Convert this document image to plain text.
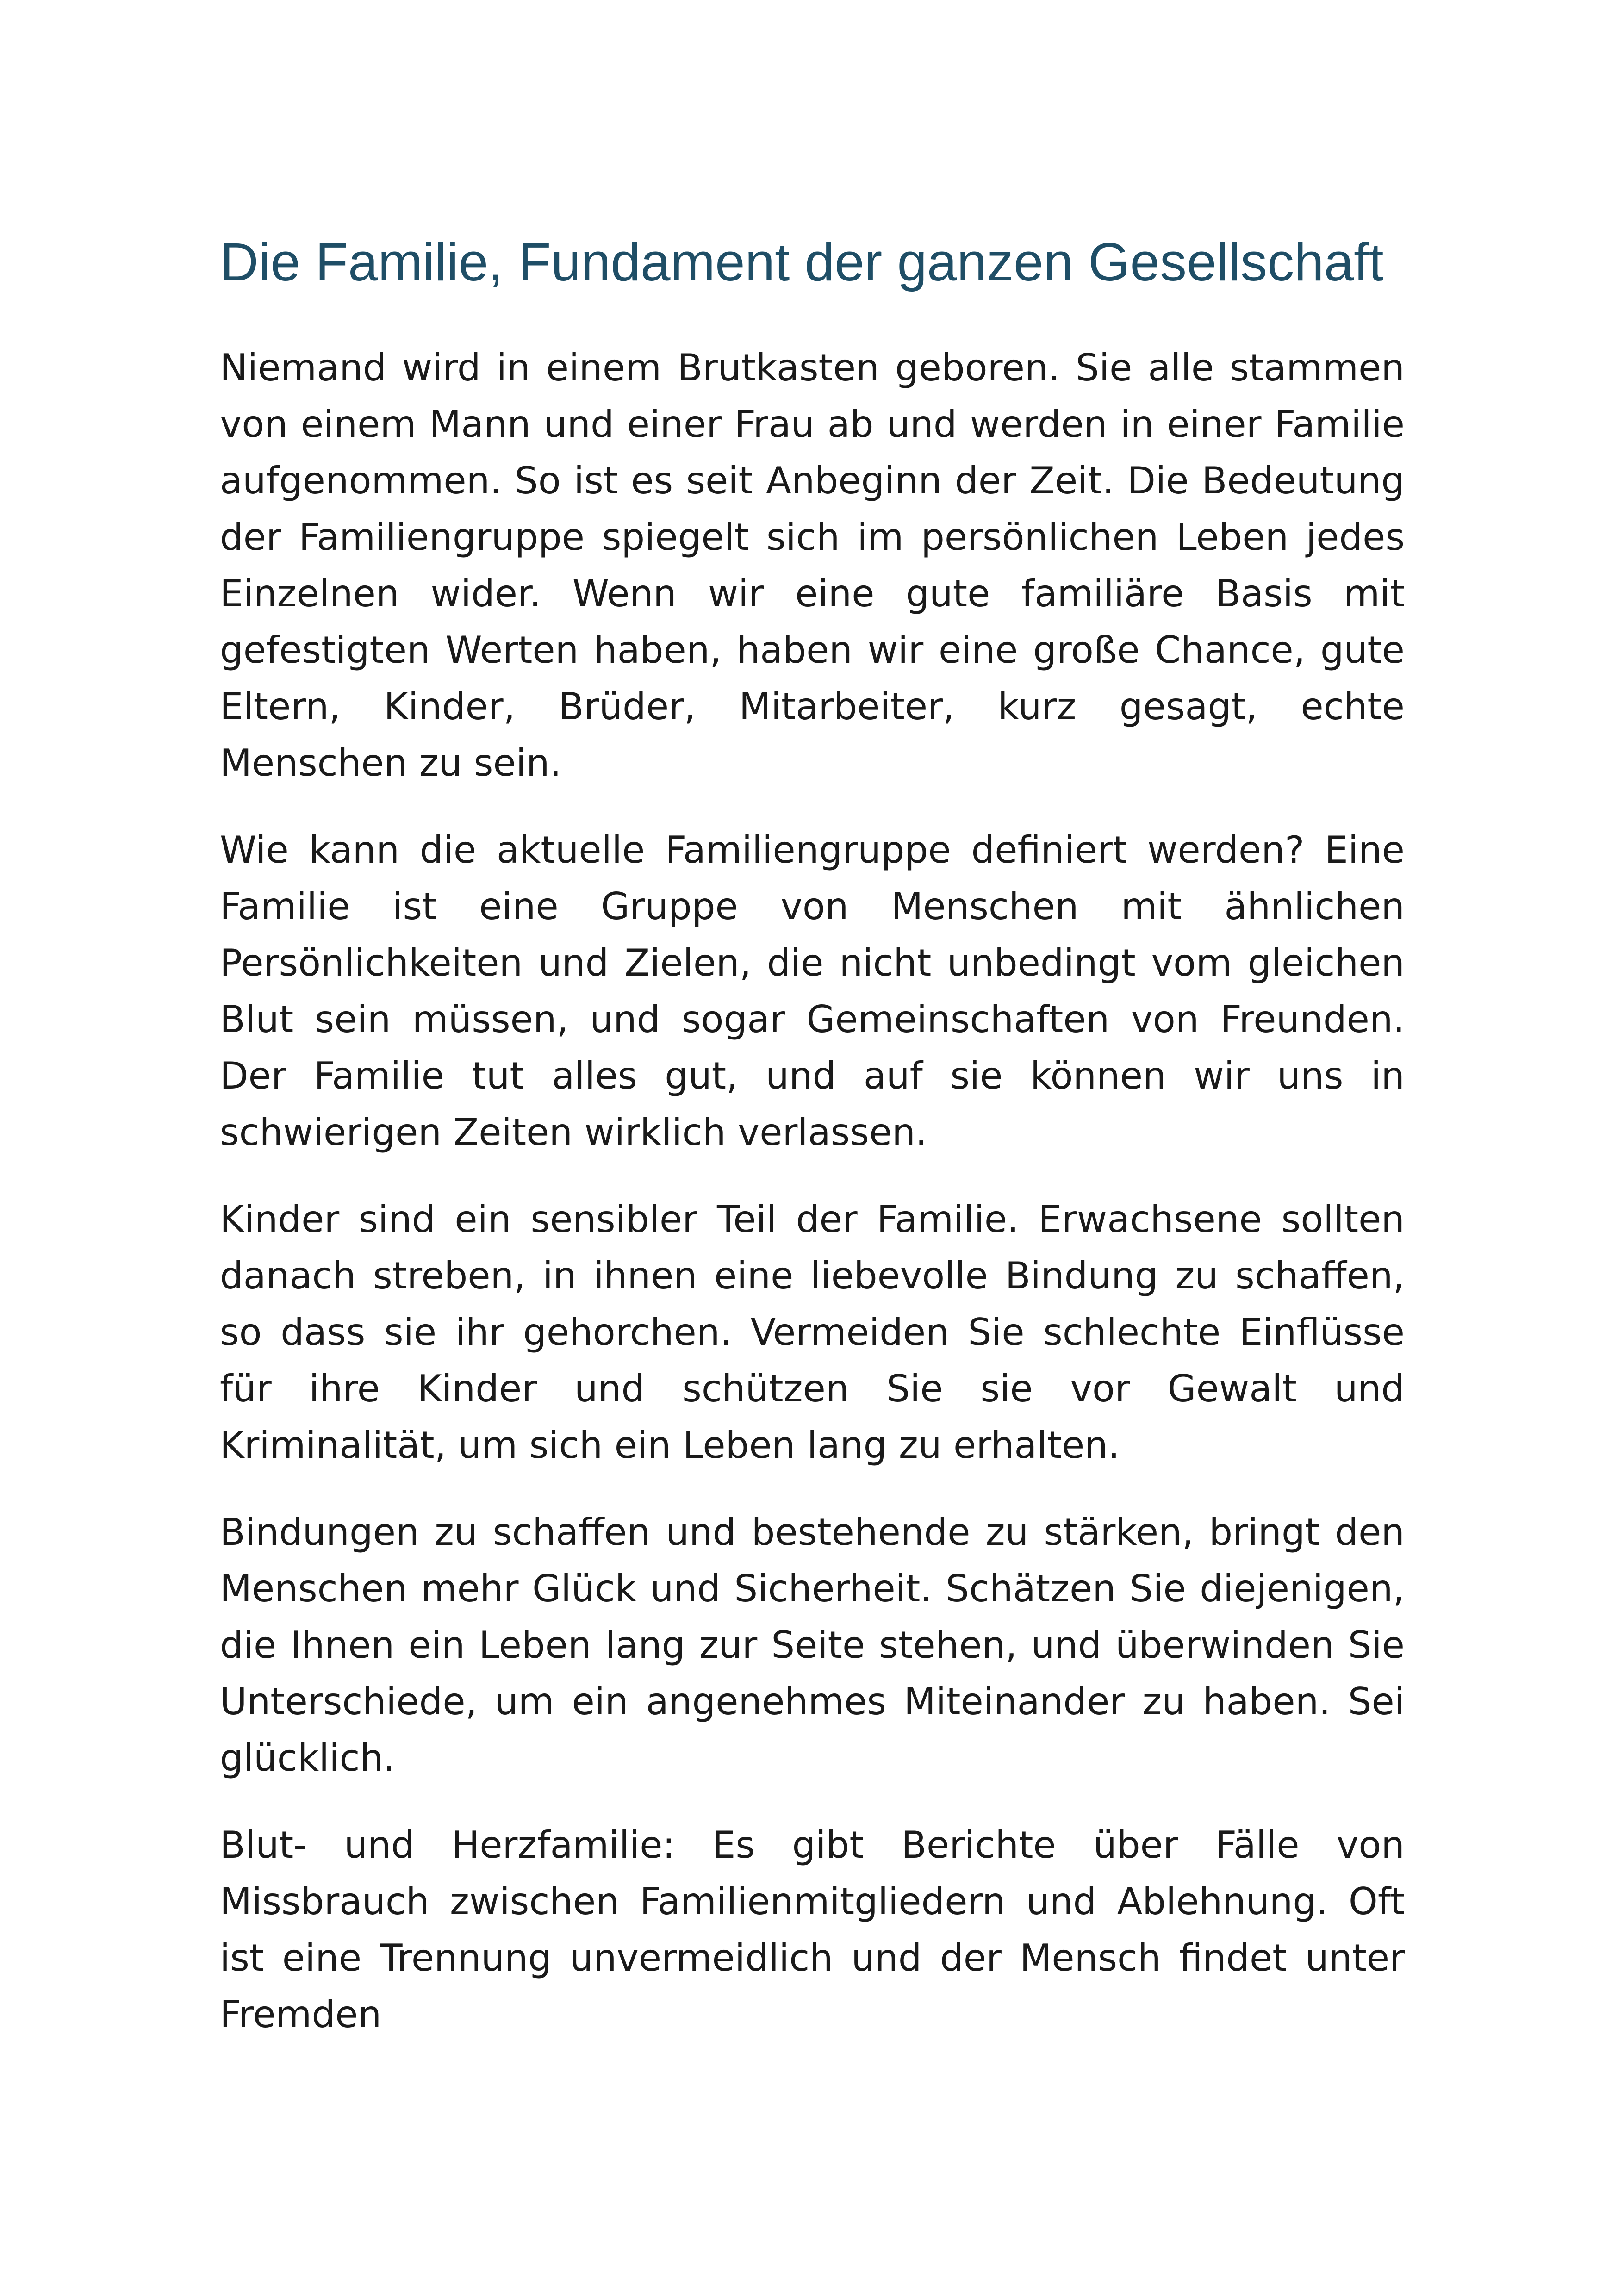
Die Familie, Fundament der ganzen Gesellschaft

Niemand wird in einem Brutkasten geboren. Sie alle stammen von einem Mann und einer Frau ab und werden in einer Familie aufgenommen. So ist es seit Anbeginn der Zeit. Die Bedeutung der Familiengruppe spiegelt sich im persönlichen Leben jedes Einzelnen wider. Wenn wir eine gute familiäre Basis mit gefestigten Werten haben, haben wir eine große Chance, gute Eltern, Kinder, Brüder, Mitarbeiter, kurz gesagt, echte Menschen zu sein.

Wie kann die aktuelle Familiengruppe definiert werden? Eine Familie ist eine Gruppe von Menschen mit ähnlichen Persönlichkeiten und Zielen, die nicht unbedingt vom gleichen Blut sein müssen, und sogar Gemeinschaften von Freunden. Der Familie tut alles gut, und auf sie können wir uns in schwierigen Zeiten wirklich verlassen.

Kinder sind ein sensibler Teil der Familie. Erwachsene sollten danach streben, in ihnen eine liebevolle Bindung zu schaffen, so dass sie ihr gehorchen. Vermeiden Sie schlechte Einflüsse für ihre Kinder und schützen Sie sie vor Gewalt und Kriminalität, um sich ein Leben lang zu erhalten.

Bindungen zu schaffen und bestehende zu stärken, bringt den Menschen mehr Glück und Sicherheit. Schätzen Sie diejenigen, die Ihnen ein Leben lang zur Seite stehen, und überwinden Sie Unterschiede, um ein angenehmes Miteinander zu haben. Sei glücklich.

Blut- und Herzfamilie: Es gibt Berichte über Fälle von Missbrauch zwischen Familienmitgliedern und Ablehnung. Oft ist eine Trennung unvermeidlich und der Mensch findet unter Fremden
